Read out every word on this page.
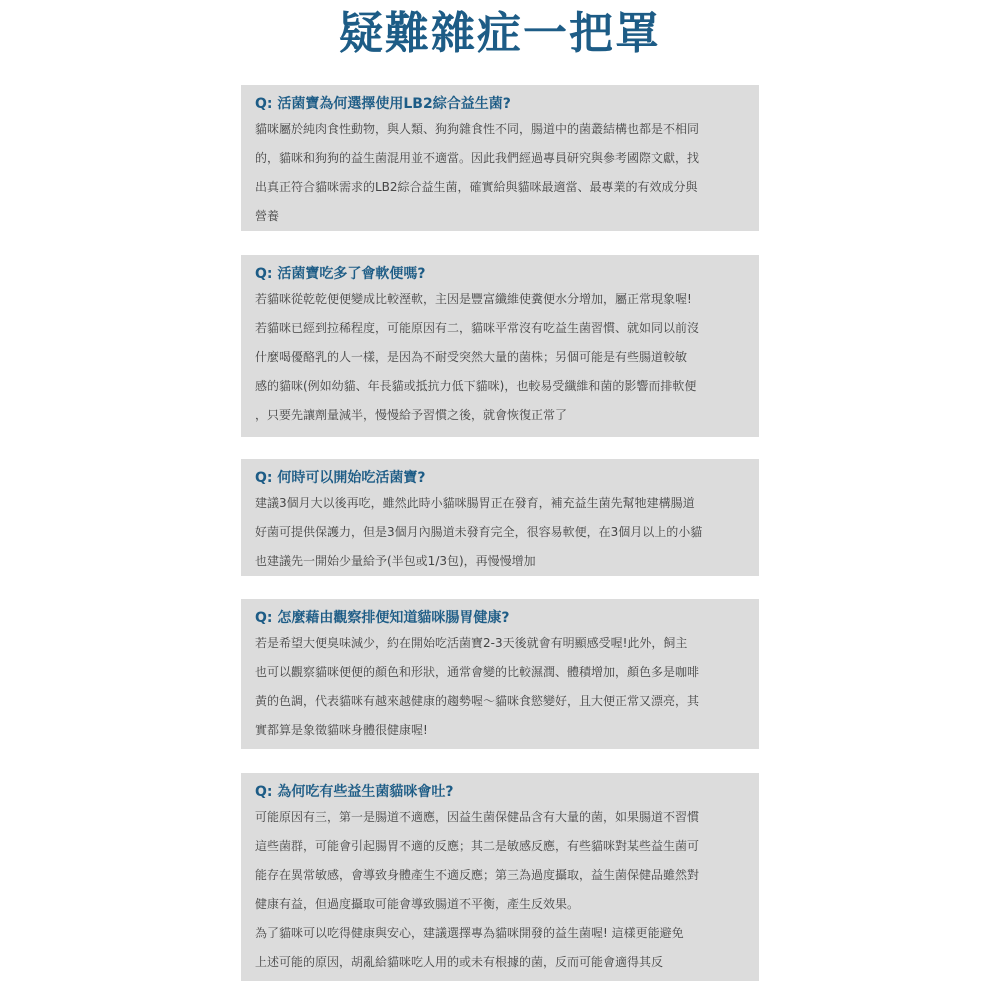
疑難雜症一把罩
Q: 活菌寶為何選擇使用LB2綜合益生菌?
貓咪屬於純肉食性動物，與人類、狗狗雜食性不同，腸道中的菌叢結構也都是不相同
的，貓咪和狗狗的益生菌混用並不適當。因此我們經過專員研究與參考國際文獻，找
出真正符合貓咪需求的LB2綜合益生菌，確實給與貓咪最適當、最專業的有效成分與
營養
Q: 活菌寶吃多了會軟便嗎?
若貓咪從乾乾便便變成比較溼軟，主因是豐富纖維使糞便水分增加，屬正常現象喔!
若貓咪已經到拉稀程度，可能原因有二，貓咪平常沒有吃益生菌習慣、就如同以前沒
什麼喝優酪乳的人一樣，是因為不耐受突然大量的菌株；另個可能是有些腸道較敏
感的貓咪(例如幼貓、年長貓或抵抗力低下貓咪)，也較易受纖維和菌的影響而排軟便
，只要先讓劑量減半，慢慢給予習慣之後，就會恢復正常了
Q: 何時可以開始吃活菌寶?
建議3個月大以後再吃，雖然此時小貓咪腸胃正在發育，補充益生菌先幫牠建構腸道
好菌可提供保護力，但是3個月內腸道未發育完全，很容易軟便，在3個月以上的小貓
也建議先一開始少量給予(半包或1/3包)，再慢慢增加
Q: 怎麼藉由觀察排便知道貓咪腸胃健康?
若是希望大便臭味減少，約在開始吃活菌寶2-3天後就會有明顯感受喔!此外，飼主
也可以觀察貓咪便便的顏色和形狀，通常會變的比較濕潤、體積增加，顏色多是咖啡
黃的色調，代表貓咪有越來越健康的趨勢喔～貓咪食慾變好，且大便正常又漂亮，其
實都算是象徵貓咪身體很健康喔!
Q: 為何吃有些益生菌貓咪會吐?
可能原因有三，第一是腸道不適應，因益生菌保健品含有大量的菌，如果腸道不習慣
這些菌群，可能會引起腸胃不適的反應；其二是敏感反應，有些貓咪對某些益生菌可
能存在異常敏感，會導致身體產生不適反應；第三為過度攝取，益生菌保健品雖然對
健康有益，但過度攝取可能會導致腸道不平衡，產生反效果。
為了貓咪可以吃得健康與安心，建議選擇專為貓咪開發的益生菌喔! 這樣更能避免
上述可能的原因，胡亂給貓咪吃人用的或未有根據的菌，反而可能會適得其反
